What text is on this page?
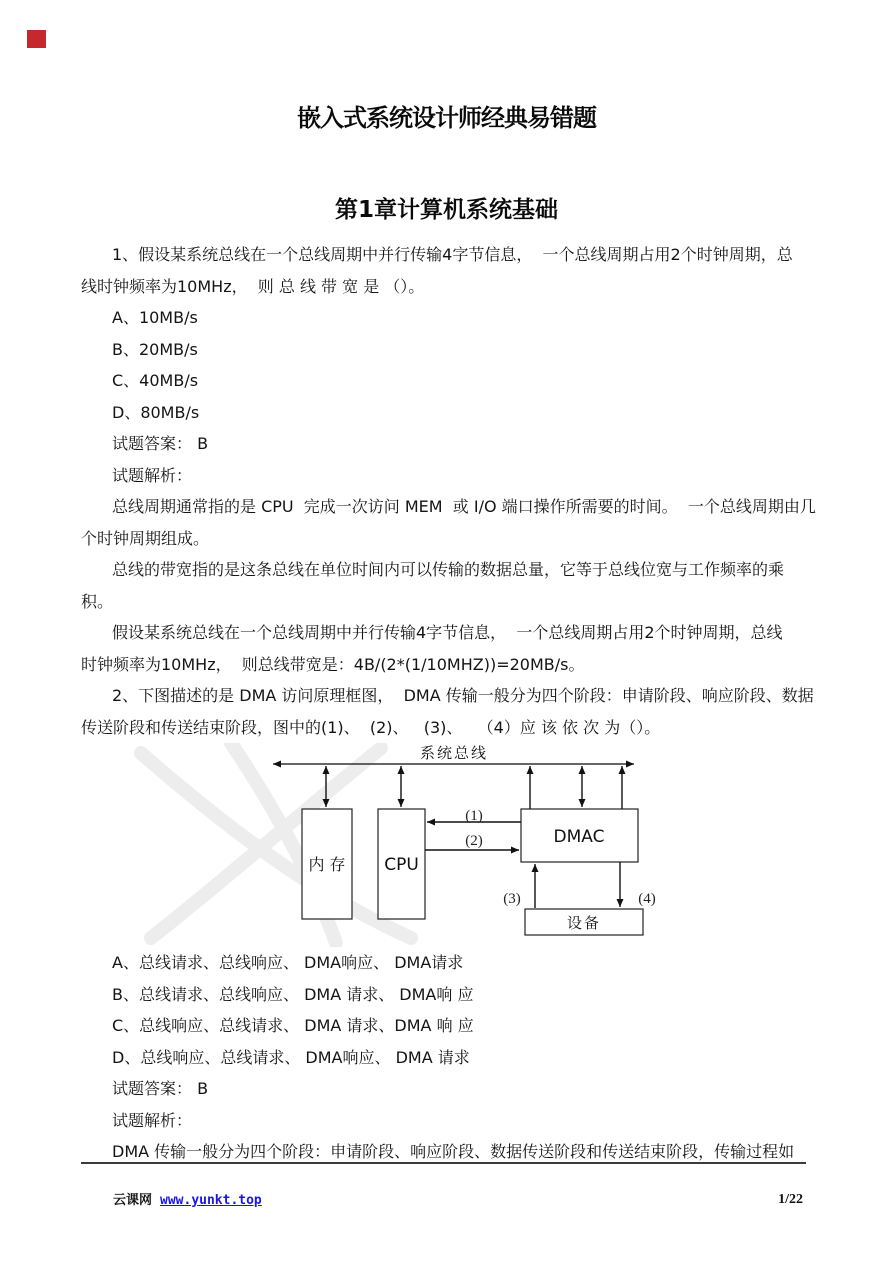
嵌入式系统设计师经典易错题
第1章计算机系统基础
1、假设某系统总线在一个总线周期中并行传输4字节信息，  一个总线周期占用2个时钟周期，总
线时钟频率为10MHz，  则 总 线 带 宽 是 （）。
A、10MB/s
B、20MB/s
C、40MB/s
D、80MB/s
试题答案： B
试题解析：
总线周期通常指的是 CPU  完成一次访问 MEM  或 I/O 端口操作所需要的时间。  一个总线周期由几
个时钟周期组成。
总线的带宽指的是这条总线在单位时间内可以传输的数据总量，它等于总线位宽与工作频率的乘
积。
假设某系统总线在一个总线周期中并行传输4字节信息，  一个总线周期占用2个时钟周期，总线
时钟频率为10MHz，  则总线带宽是：4B/(2*(1/10MHZ))=20MB/s。
2、下图描述的是 DMA 访问原理框图，  DMA 传输一般分为四个阶段：申请阶段、响应阶段、数据
传送阶段和传送结束阶段，图中的(1)、  (2)、   (3)、   （4）应 该 依 次 为（）。
系统总线
内 存 CPU
DMAC
设备
(1)
(2)
(3)	(4)
A、总线请求、总线响应、 DMA响应、 DMA请求
B、总线请求、总线响应、 DMA 请求、 DMA响 应
C、总线响应、总线请求、 DMA 请求、DMA 响 应
D、总线响应、总线请求、 DMA响应、 DMA 请求
试题答案： B
试题解析：
DMA 传输一般分为四个阶段：申请阶段、响应阶段、数据传送阶段和传送结束阶段，传输过程如
云课网 www.yunkt.top	1/22
